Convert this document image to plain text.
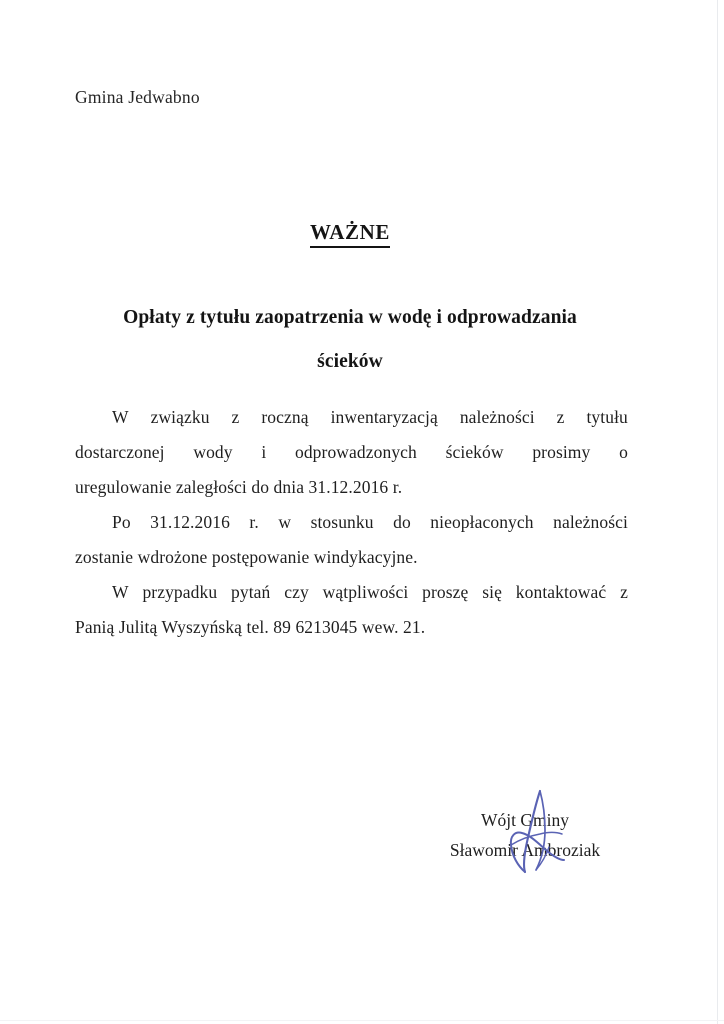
Gmina Jedwabno
WAŻNE
Opłaty z tytułu zaopatrzenia w wodę i odprowadzania
ścieków
W związku z roczną inwentaryzacją należności z tytułu
dostarczonej wody i odprowadzonych ścieków prosimy o
uregulowanie zaległości do dnia 31.12.2016 r.
Po 31.12.2016 r. w stosunku do nieopłaconych należności
zostanie wdrożone postępowanie windykacyjne.
W przypadku pytań czy wątpliwości proszę się kontaktować z
Panią Julitą Wyszyńską tel. 89 6213045 wew. 21.
Wójt Gminy
Sławomir Ambroziak
